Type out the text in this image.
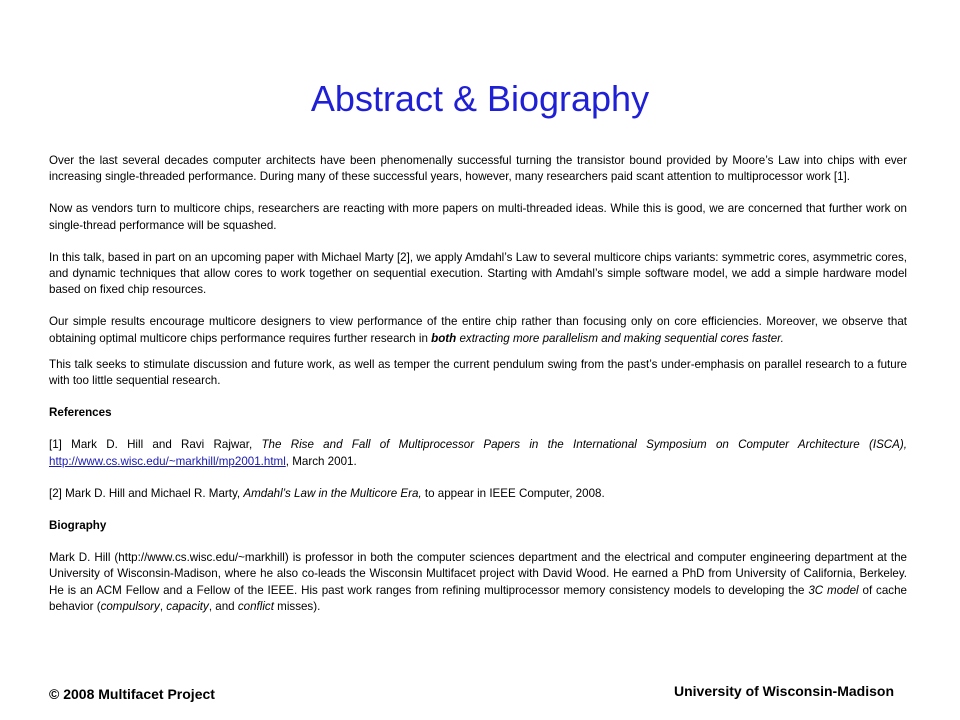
Abstract & Biography

Over the last several decades computer architects have been phenomenally successful turning the transistor bound provided by Moore’s Law into chips with ever increasing single-threaded performance. During many of these successful years, however, many researchers paid scant attention to multiprocessor work [1].

Now as vendors turn to multicore chips, researchers are reacting with more papers on multi-threaded ideas. While this is good, we are concerned that further work on single-thread performance will be squashed.

In this talk, based in part on an upcoming paper with Michael Marty [2], we apply Amdahl’s Law to several multicore chips variants: symmetric cores, asymmetric cores, and dynamic techniques that allow cores to work together on sequential execution. Starting with Amdahl’s simple software model, we add a simple hardware model based on fixed chip resources.

Our simple results encourage multicore designers to view performance of the entire chip rather than focusing only on core efficiencies. Moreover, we observe that obtaining optimal multicore chips performance requires further research in both extracting more parallelism and making sequential cores faster.

This talk seeks to stimulate discussion and future work, as well as temper the current pendulum swing from the past’s under-emphasis on parallel research to a future with too little sequential research.

References

[1] Mark D. Hill and Ravi Rajwar, The Rise and Fall of Multiprocessor Papers in the International Symposium on Computer Architecture (ISCA), http://www.cs.wisc.edu/~markhill/mp2001.html, March 2001.

[2] Mark D. Hill and Michael R. Marty, Amdahl’s Law in the Multicore Era, to appear in IEEE Computer, 2008.

Biography

Mark D. Hill (http://www.cs.wisc.edu/~markhill) is professor in both the computer sciences department and the electrical and computer engineering department at the University of Wisconsin-Madison, where he also co-leads the Wisconsin Multifacet project with David Wood. He earned a PhD from University of California, Berkeley. He is an ACM Fellow and a Fellow of the IEEE. His past work ranges from refining multiprocessor memory consistency models to developing the 3C model of cache behavior (compulsory, capacity, and conflict misses).

© 2008 Multifacet Project	University of Wisconsin-Madison
